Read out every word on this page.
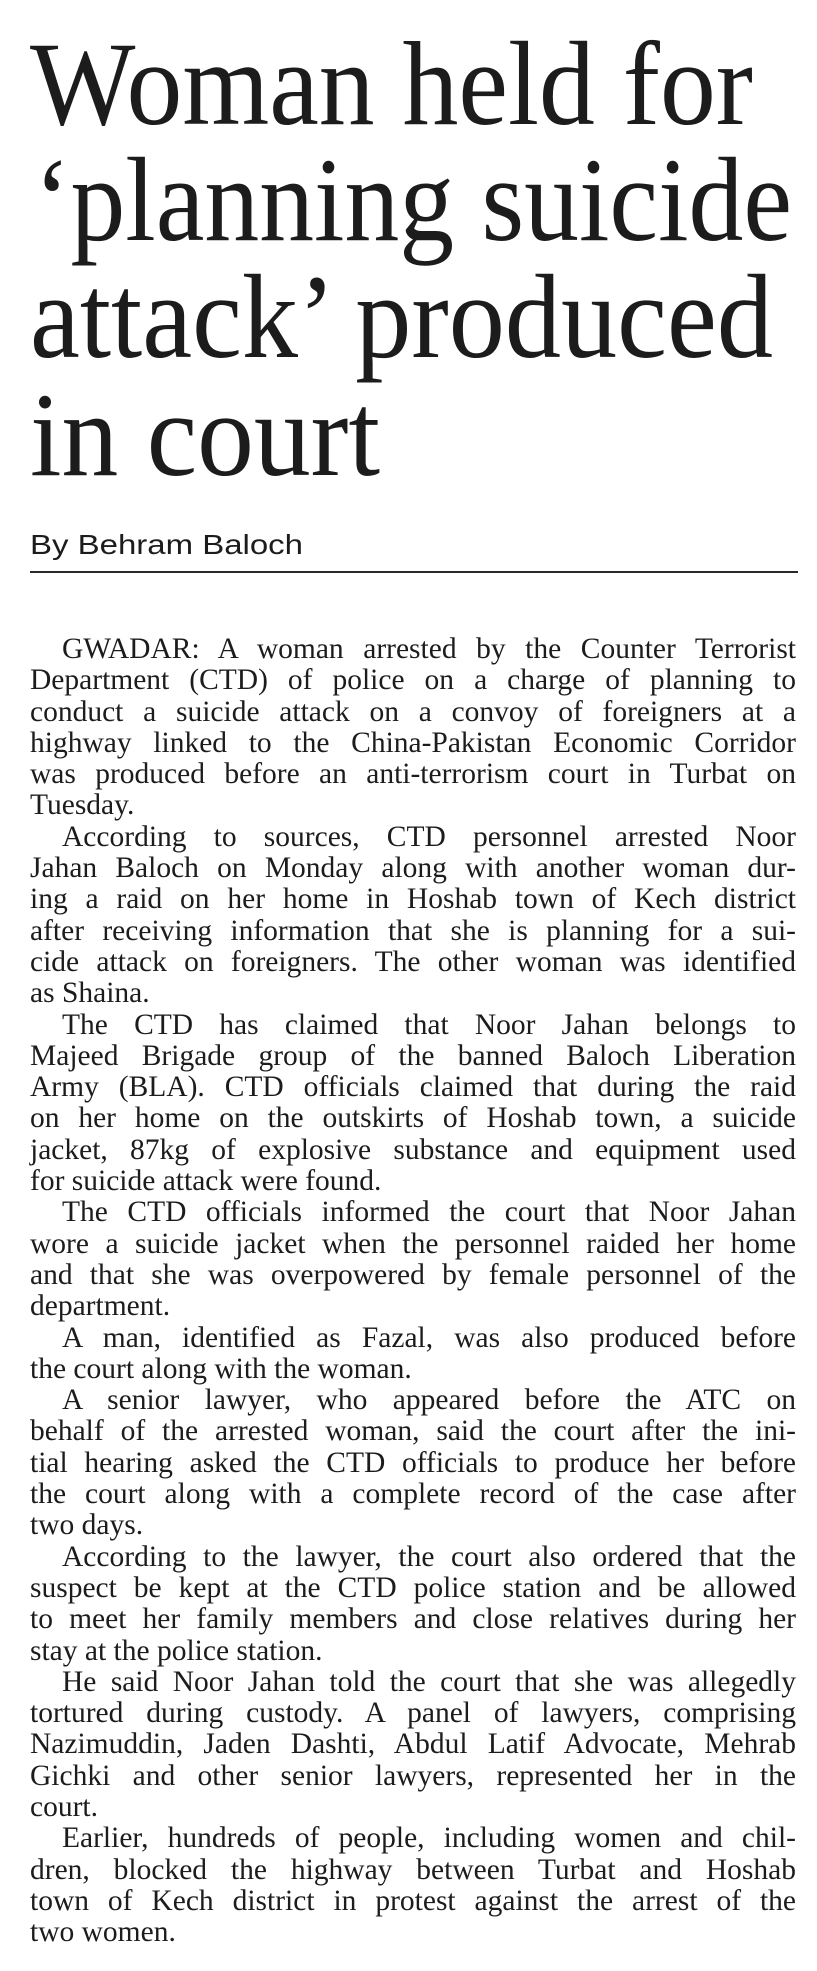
Woman held for
‘planning suicide
attack’ produced
in court
By Behram Baloch

GWADAR: A woman arrested by the Counter Terrorist
Department (CTD) of police on a charge of planning to
conduct a suicide attack on a convoy of foreigners at a
highway linked to the China-Pakistan Economic Corridor
was produced before an anti-terrorism court in Turbat on
Tuesday.

According to sources, CTD personnel arrested Noor
Jahan Baloch on Monday along with another woman dur-
ing a raid on her home in Hoshab town of Kech district
after receiving information that she is planning for a sui-
cide attack on foreigners. The other woman was identified
as Shaina.

The CTD has claimed that Noor Jahan belongs to
Majeed Brigade group of the banned Baloch Liberation
Army (BLA). CTD officials claimed that during the raid
on her home on the outskirts of Hoshab town, a suicide
jacket, 87kg of explosive substance and equipment used
for suicide attack were found.

The CTD officials informed the court that Noor Jahan
wore a suicide jacket when the personnel raided her home
and that she was overpowered by female personnel of the
department.

A man, identified as Fazal, was also produced before
the court along with the woman.

A senior lawyer, who appeared before the ATC on
behalf of the arrested woman, said the court after the ini-
tial hearing asked the CTD officials to produce her before
the court along with a complete record of the case after
two days.

According to the lawyer, the court also ordered that the
suspect be kept at the CTD police station and be allowed
to meet her family members and close relatives during her
stay at the police station.

He said Noor Jahan told the court that she was allegedly
tortured during custody. A panel of lawyers, comprising
Nazimuddin, Jaden Dashti, Abdul Latif Advocate, Mehrab
Gichki and other senior lawyers, represented her in the
court.

Earlier, hundreds of people, including women and chil-
dren, blocked the highway between Turbat and Hoshab
town of Kech district in protest against the arrest of the
two women.
